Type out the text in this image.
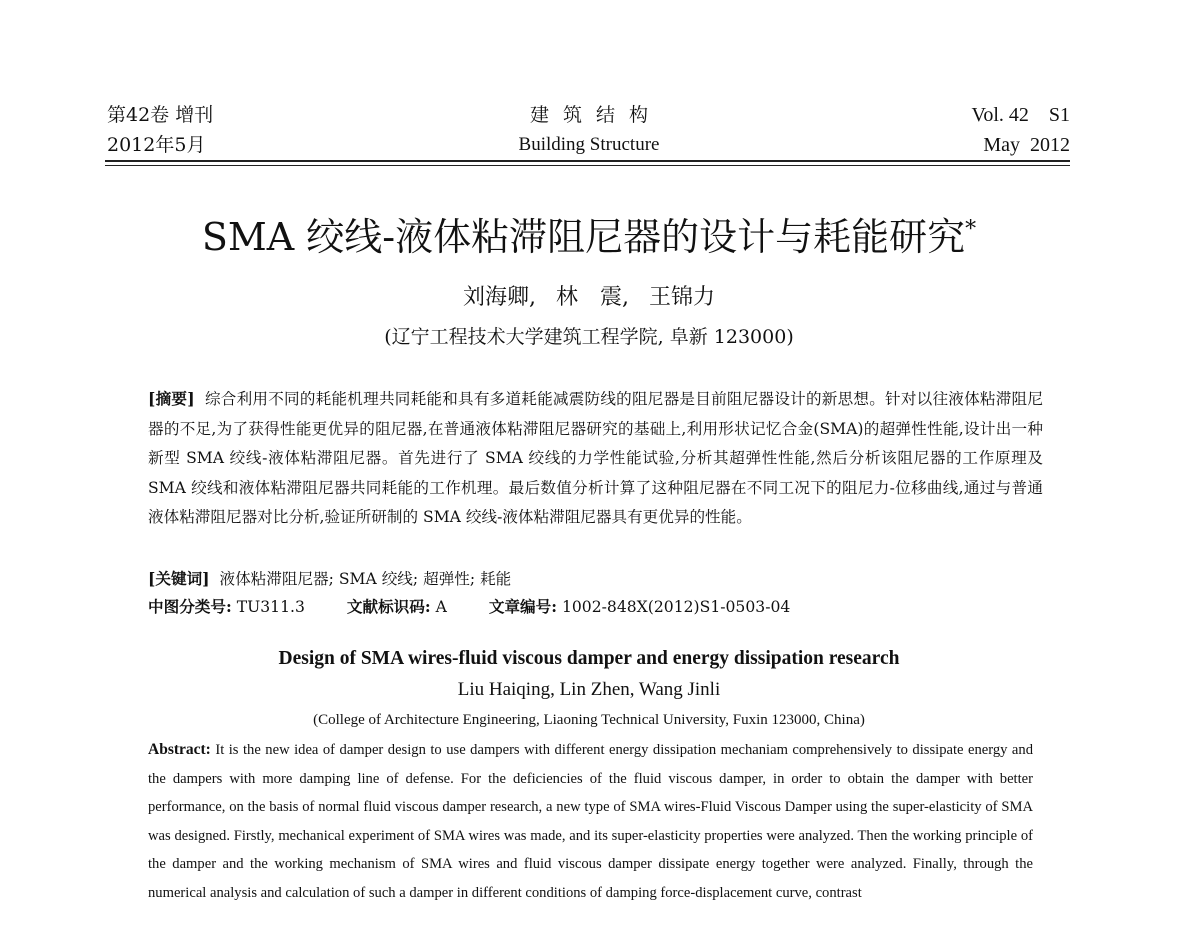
第42卷 增刊
2012年5月
建筑结构
Building Structure
Vol. 42    S1
May  2012
SMA 绞线-液体粘滞阻尼器的设计与耗能研究*
刘海卿, 林　震, 王锦力
(辽宁工程技术大学建筑工程学院, 阜新 123000)
[摘要] 综合利用不同的耗能机理共同耗能和具有多道耗能减震防线的阻尼器是目前阻尼器设计的新思想。针对以往液体粘滞阻尼器的不足,为了获得性能更优异的阻尼器,在普通液体粘滞阻尼器研究的基础上,利用形状记忆合金(SMA)的超弹性性能,设计出一种新型 SMA 绞线-液体粘滞阻尼器。首先进行了 SMA 绞线的力学性能试验,分析其超弹性性能,然后分析该阻尼器的工作原理及SMA 绞线和液体粘滞阻尼器共同耗能的工作机理。最后数值分析计算了这种阻尼器在不同工况下的阻尼力-位移曲线,通过与普通液体粘滞阻尼器对比分析,验证所研制的 SMA 绞线-液体粘滞阻尼器具有更优异的性能。
[关键词] 液体粘滞阻尼器; SMA 绞线; 超弹性; 耗能
中图分类号: TU311.3	文献标识码: A	文章编号: 1002-848X(2012)S1-0503-04
Design of SMA wires-fluid viscous damper and energy dissipation research
Liu Haiqing, Lin Zhen, Wang Jinli
(College of Architecture Engineering, Liaoning Technical University, Fuxin 123000, China)
Abstract: It is the new idea of damper design to use dampers with different energy dissipation mechaniam comprehensively to dissipate energy and the dampers with more damping line of defense. For the deficiencies of the fluid viscous damper, in order to obtain the damper with better performance, on the basis of normal fluid viscous damper research, a new type of SMA wires-Fluid Viscous Damper using the super-elasticity of SMA was designed. Firstly, mechanical experiment of SMA wires was made, and its super-elasticity properties were analyzed. Then the working principle of the damper and the working mechanism of SMA wires and fluid viscous damper dissipate energy together were analyzed. Finally, through the numerical analysis and calculation of such a damper in different conditions of damping force-displacement curve, contrast
